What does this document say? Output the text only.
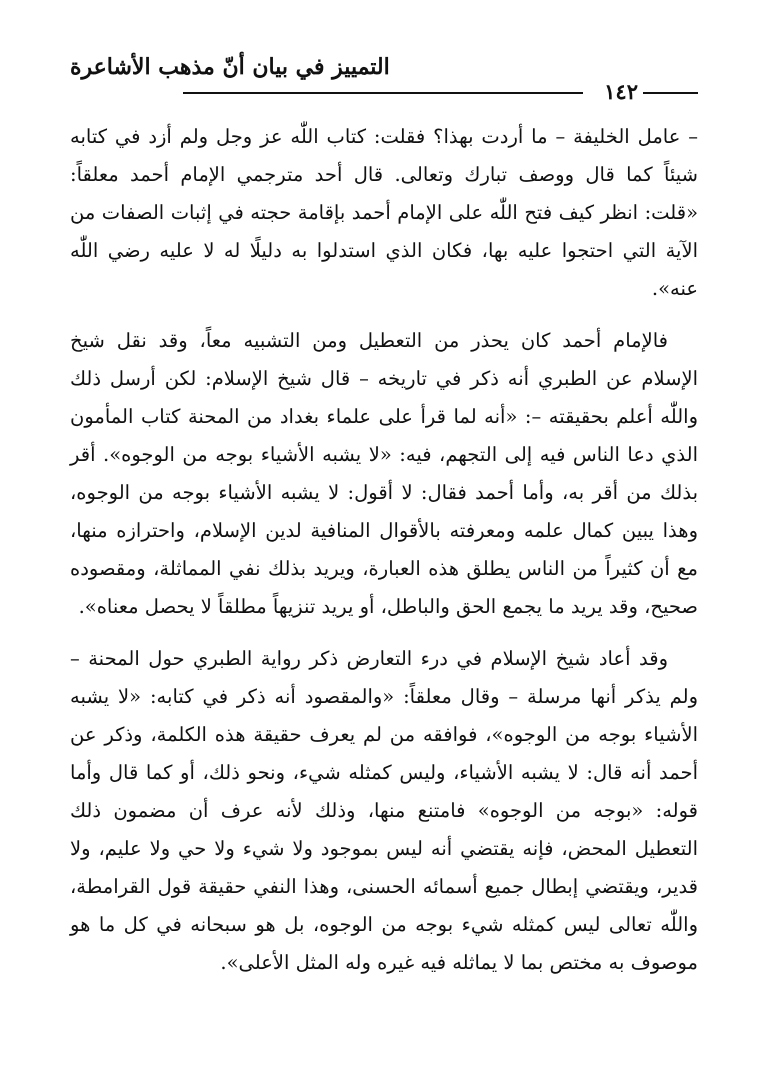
التمييز في بيان أنّ مذهب الأشاعرة
١٤٢

– عامل الخليفة – ما أردت بهذا؟ فقلت: كتاب اللّٰه عز وجل ولم أزد في كتابه شيئاً كما قال ووصف تبارك وتعالى. قال أحد مترجمي الإمام أحمد معلقاً: «قلت: انظر كيف فتح اللّٰه على الإمام أحمد بإقامة حجته في إثبات الصفات من الآية التي احتجوا عليه بها، فكان الذي استدلوا به دليلًا له لا عليه رضي اللّٰه عنه».

فالإمام أحمد كان يحذر من التعطيل ومن التشبيه معاً، وقد نقل شيخ الإسلام عن الطبري أنه ذكر في تاريخه – قال شيخ الإسلام: لكن أرسل ذلك واللّٰه أعلم بحقيقته –: «أنه لما قرأ على علماء بغداد من المحنة كتاب المأمون الذي دعا الناس فيه إلى التجهم، فيه: «لا يشبه الأشياء بوجه من الوجوه». أقر بذلك من أقر به، وأما أحمد فقال: لا أقول: لا يشبه الأشياء بوجه من الوجوه، وهذا يبين كمال علمه ومعرفته بالأقوال المنافية لدين الإسلام، واحترازه منها، مع أن كثيراً من الناس يطلق هذه العبارة، ويريد بذلك نفي المماثلة، ومقصوده صحيح، وقد يريد ما يجمع الحق والباطل، أو يريد تنزيهاً مطلقاً لا يحصل معناه».

وقد أعاد شيخ الإسلام في درء التعارض ذكر رواية الطبري حول المحنة – ولم يذكر أنها مرسلة – وقال معلقاً: «والمقصود أنه ذكر في كتابه: «لا يشبه الأشياء بوجه من الوجوه»، فوافقه من لم يعرف حقيقة هذه الكلمة، وذكر عن أحمد أنه قال: لا يشبه الأشياء، وليس كمثله شيء، ونحو ذلك، أو كما قال وأما قوله: «بوجه من الوجوه» فامتنع منها، وذلك لأنه عرف أن مضمون ذلك التعطيل المحض، فإنه يقتضي أنه ليس بموجود ولا شيء ولا حي ولا عليم، ولا قدير، ويقتضي إبطال جميع أسمائه الحسنى، وهذا النفي حقيقة قول القرامطة، واللّٰه تعالى ليس كمثله شيء بوجه من الوجوه، بل هو سبحانه في كل ما هو موصوف به مختص بما لا يماثله فيه غيره وله المثل الأعلى».
